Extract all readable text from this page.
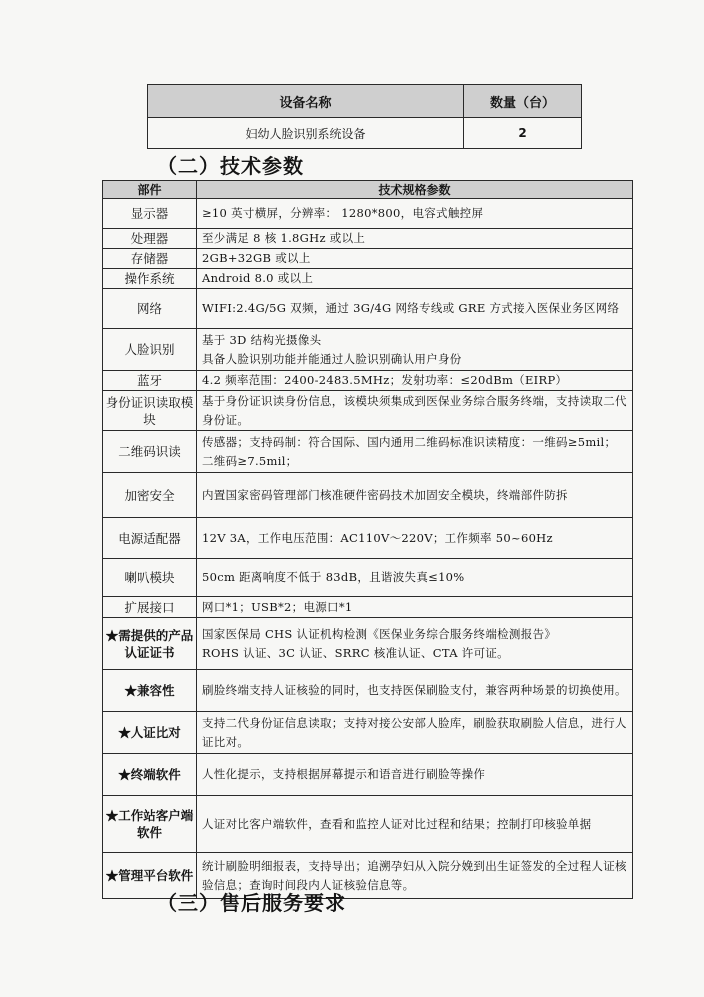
设备名称	数量（台）
妇幼人脸识别系统设备	2
（二）技术参数
部件	技术规格参数
显示器	≥10 英寸横屏，分辨率： 1280*800，电容式触控屏
处理器	至少满足 8 核 1.8GHz 或以上
存储器	2GB+32GB 或以上
操作系统	Android 8.0 或以上
网络	WIFI:2.4G/5G 双频，通过 3G/4G 网络专线或 GRE 方式接入医保业务区网络
人脸识别	基于 3D 结构光摄像头
具备人脸识别功能并能通过人脸识别确认用户身份
蓝牙	4.2 频率范围：2400-2483.5MHz；发射功率：≤20dBm（EIRP）
身份证识读取模块	基于身份证识读身份信息，该模块须集成到医保业务综合服务终端，支持读取二代身份证。
二维码识读	传感器；支持码制：符合国际、国内通用二维码标准识读精度：一维码≥5mil；二维码≥7.5mil；
加密安全	内置国家密码管理部门核准硬件密码技术加固安全模块，终端部件防拆
电源适配器	12V 3A，工作电压范围：AC110V～220V；工作频率 50~60Hz
喇叭模块	50cm 距离响度不低于 83dB，且谐波失真≤10%
扩展接口	网口*1；USB*2；电源口*1
★需提供的产品认证证书	国家医保局 CHS 认证机构检测《医保业务综合服务终端检测报告》
ROHS 认证、3C 认证、SRRC 核准认证、CTA 许可证。
★兼容性	刷脸终端支持人证核验的同时，也支持医保刷脸支付，兼容两种场景的切换使用。
★人证比对	支持二代身份证信息读取；支持对接公安部人脸库，刷脸获取刷脸人信息，进行人证比对。
★终端软件	人性化提示，支持根据屏幕提示和语音进行刷脸等操作
★工作站客户端软件	人证对比客户端软件，查看和监控人证对比过程和结果；控制打印核验单据
★管理平台软件	统计刷脸明细报表，支持导出；追溯孕妇从入院分娩到出生证签发的全过程人证核验信息；查询时间段内人证核验信息等。
（三）售后服务要求
